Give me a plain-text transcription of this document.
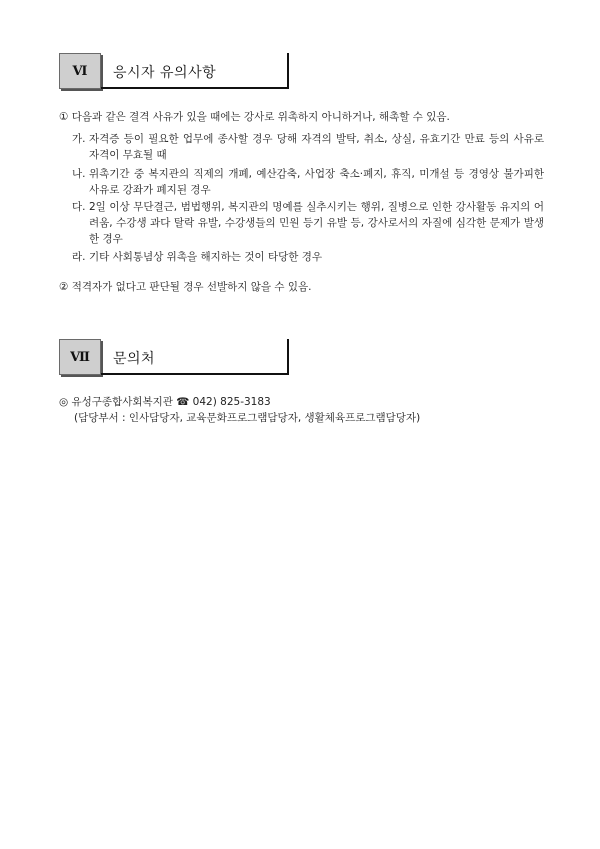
Ⅵ	응시자 유의사항
① 다음과 같은 결격 사유가 있을 때에는 강사로 위촉하지 아니하거나, 해촉할 수 있음.
가. 자격증 등이 필요한 업무에 종사할 경우 당해 자격의 발탁, 취소, 상실, 유효기간 만료 등의 사유로 자격이 무효될 때
나. 위촉기간 중 복지관의 직제의 개폐, 예산감축, 사업장 축소·폐지, 휴직, 미개설 등 경영상 불가피한 사유로 강좌가 폐지된 경우
다. 2일 이상 무단결근, 범법행위, 복지관의 명예를 실추시키는 행위, 질병으로 인한 강사활동 유지의 어려움, 수강생 과다 탈락 유발, 수강생들의 민원 등기 유발 등, 강사로서의 자질에 심각한 문제가 발생한 경우
라. 기타 사회통념상 위촉을 해지하는 것이 타당한 경우
② 적격자가 없다고 판단될 경우 선발하지 않을 수 있음.
Ⅶ	문의처
◎ 유성구종합사회복지관 ☎ 042) 825-3183
(담당부서 : 인사담당자, 교육문화프로그램담당자, 생활체육프로그램담당자)
